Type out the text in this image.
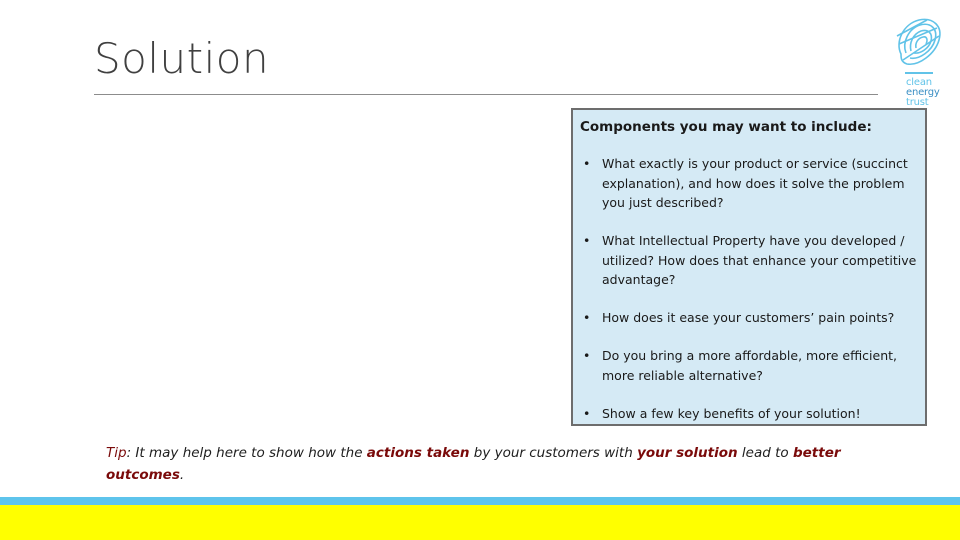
Solution	clean
energy
trust
Components you may want to include:
• What exactly is your product or service (succinct explanation), and how does it solve the problem you just described?
• What Intellectual Property have you developed / utilized? How does that enhance your competitive advantage?
• How does it ease your customers’ pain points?
• Do you bring a more affordable, more efficient, more reliable alternative?
• Show a few key benefits of your solution!
Tip: It may help here to show how the actions taken by your customers with your solution lead to better outcomes.
